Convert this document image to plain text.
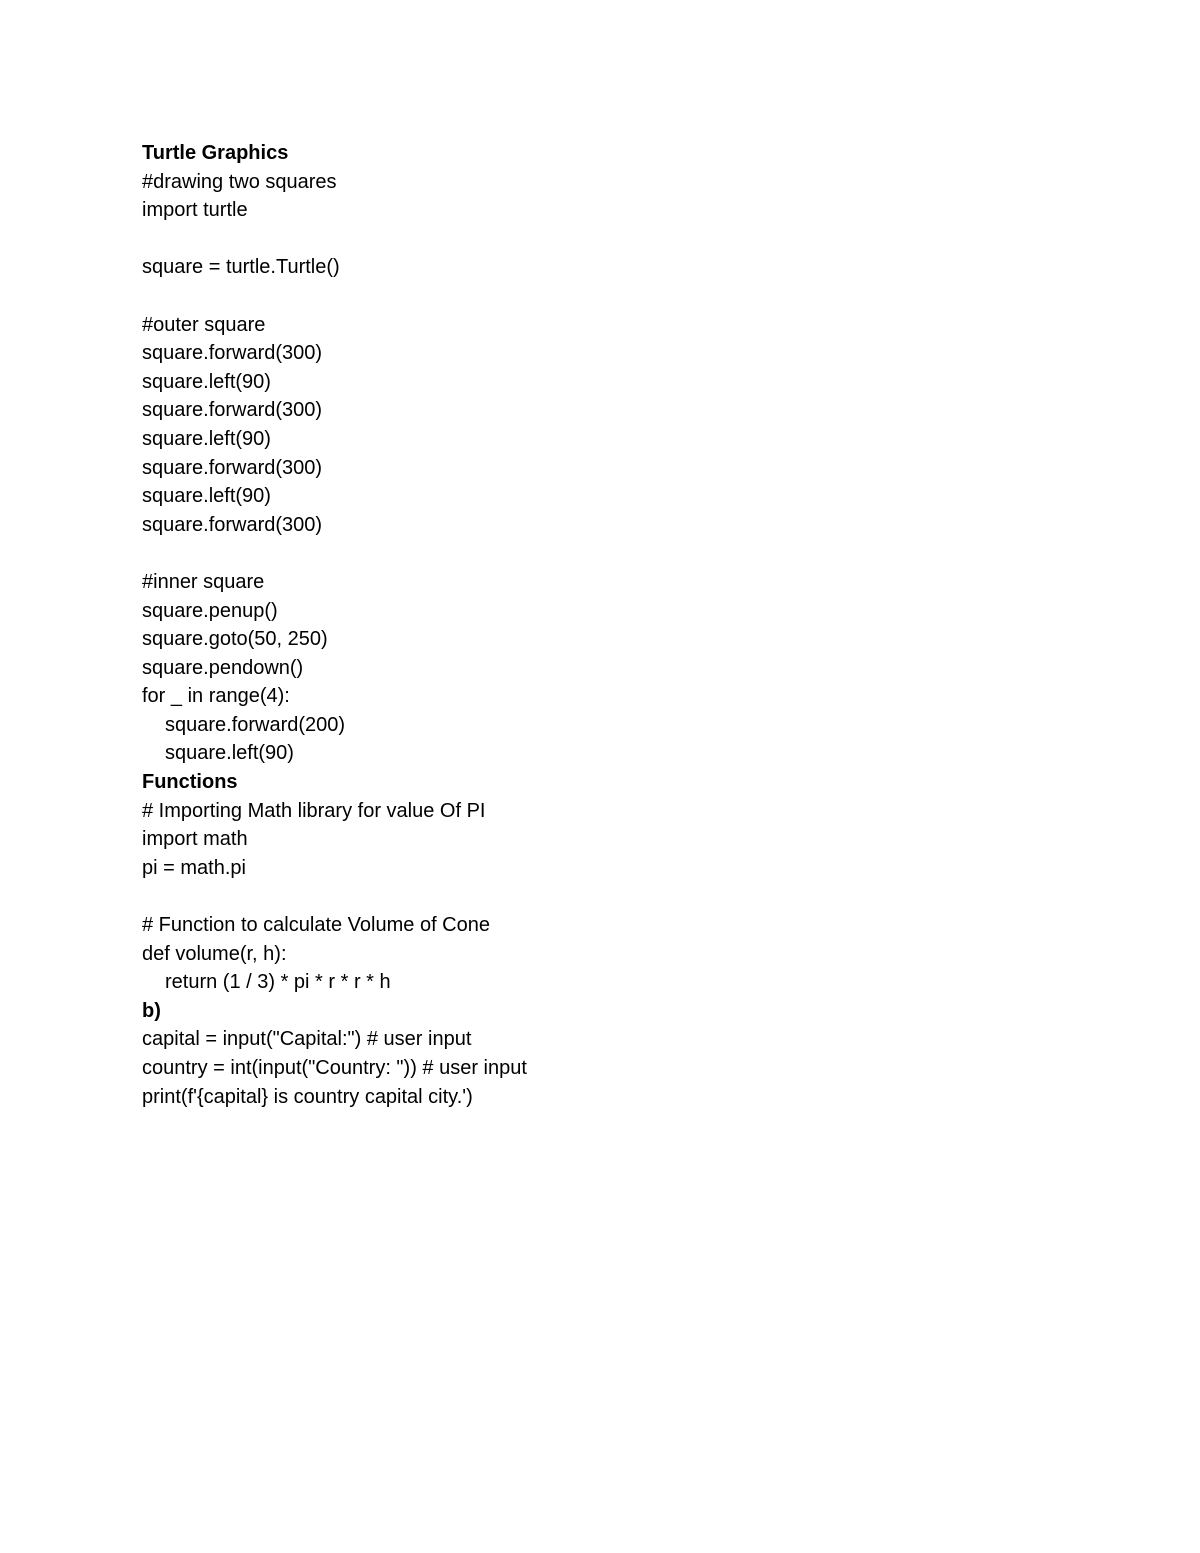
Turtle Graphics
#drawing two squares
import turtle
square = turtle.Turtle()
#outer square
square.forward(300)
square.left(90)
square.forward(300)
square.left(90)
square.forward(300)
square.left(90)
square.forward(300)
#inner square
square.penup()
square.goto(50, 250)
square.pendown()
for _ in range(4):
square.forward(200)
square.left(90)
Functions
# Importing Math library for value Of PI
import math
pi = math.pi
# Function to calculate Volume of Cone
def volume(r, h):
return (1 / 3) * pi * r * r * h
b)
capital = input("Capital:") # user input
country = int(input("Country: ")) # user input
print(f'{capital} is country capital city.')
